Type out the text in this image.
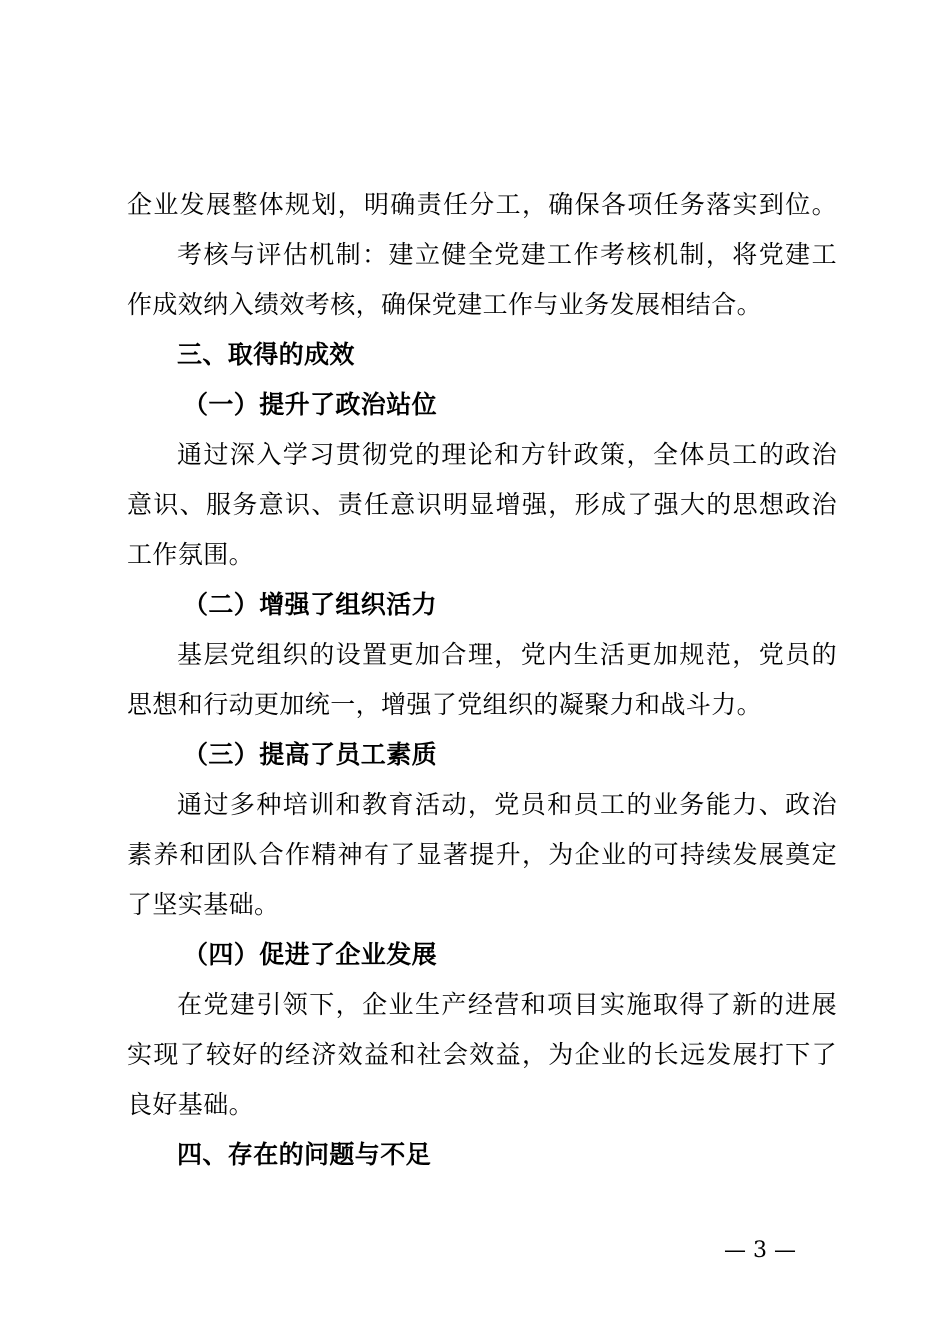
企业发展整体规划，明确责任分工，确保各项任务落实到位。
考核与评估机制：建立健全党建工作考核机制，将党建工
作成效纳入绩效考核，确保党建工作与业务发展相结合。
三、取得的成效
（一）提升了政治站位
通过深入学习贯彻党的理论和方针政策，全体员工的政治
意识、服务意识、责任意识明显增强，形成了强大的思想政治
工作氛围。
（二）增强了组织活力
基层党组织的设置更加合理，党内生活更加规范，党员的
思想和行动更加统一，增强了党组织的凝聚力和战斗力。
（三）提高了员工素质
通过多种培训和教育活动，党员和员工的业务能力、政治
素养和团队合作精神有了显著提升，为企业的可持续发展奠定
了坚实基础。
（四）促进了企业发展
在党建引领下，企业生产经营和项目实施取得了新的进展
实现了较好的经济效益和社会效益，为企业的长远发展打下了
良好基础。
四、存在的问题与不足
— 3 —
